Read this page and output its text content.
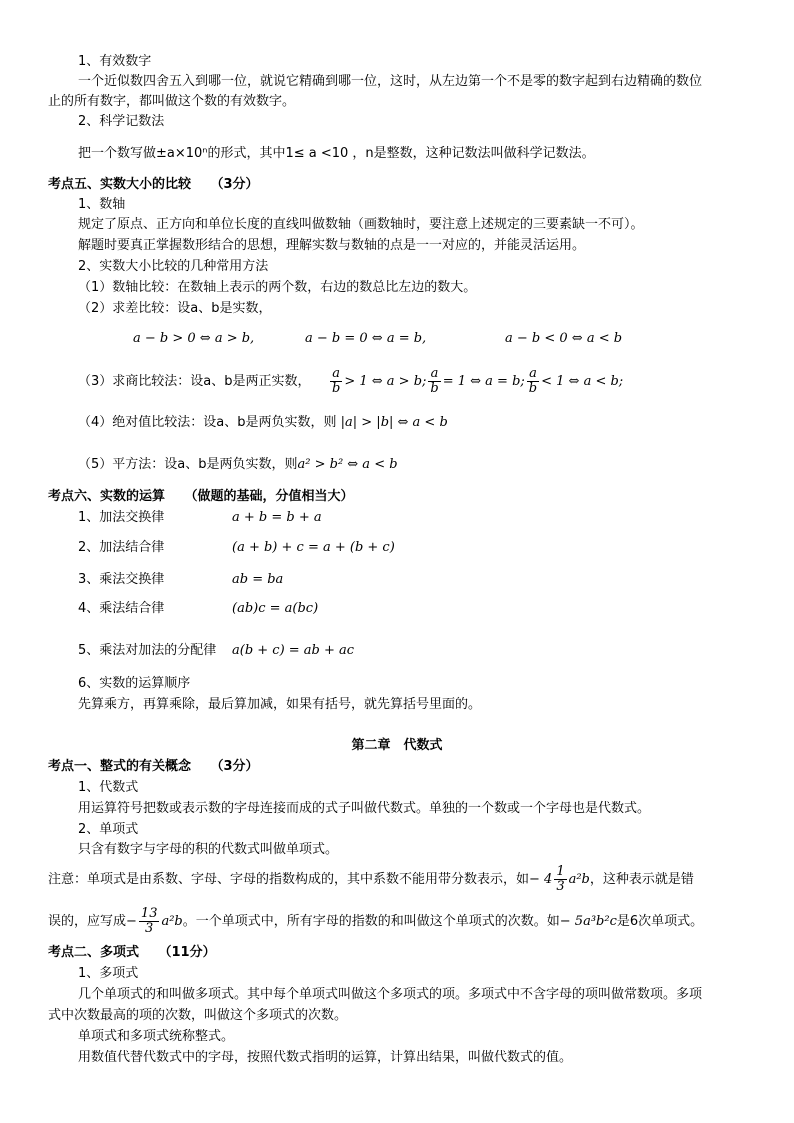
1、有效数字
一个近似数四舍五入到哪一位，就说它精确到哪一位，这时，从左边第一个不是零的数字起到右边精确的数位
止的所有数字，都叫做这个数的有效数字。
2、科学记数法
把一个数写做±a×10ⁿ的形式，其中1≤ a <10 ，n是整数，这种记数法叫做科学记数法。
考点五、实数大小的比较　　（3分）
1、数轴
规定了原点、正方向和单位长度的直线叫做数轴（画数轴时，要注意上述规定的三要素缺一不可）。
解题时要真正掌握数形结合的思想，理解实数与数轴的点是一一对应的，并能灵活运用。
2、实数大小比较的几种常用方法
（1）数轴比较：在数轴上表示的两个数，右边的数总比左边的数大。
（2）求差比较：设a、b是实数，
a − b > 0 ⇔ a > b,	a − b = 0 ⇔ a = b,	a − b < 0 ⇔ a < b
（3）求商比较法：设a、b是两正实数， $\frac{a}{b} > 1$ ⇔ a > b; $\frac{a}{b} = 1$ ⇔ a = b; $\frac{a}{b} < 1$ ⇔ a < b;
（4）绝对值比较法：设a、b是两负实数，则 |a| > |b| ⇔ a < b
（5）平方法：设a、b是两负实数，则a² > b² ⇔ a < b
考点六、实数的运算　　（做题的基础，分值相当大）
1、加法交换律	a + b = b + a
2、加法结合律	(a + b) + c = a + (b + c)
3、乘法交换律	ab = ba
4、乘法结合律	(ab)c = a(bc)
5、乘法对加法的分配律 a(b + c) = ab + ac
6、实数的运算顺序
先算乘方，再算乘除，最后算加减，如果有括号，就先算括号里面的。
第二章　代数式
考点一、整式的有关概念　　（3分）
1、代数式
用运算符号把数或表示数的字母连接而成的式子叫做代数式。单独的一个数或一个字母也是代数式。
2、单项式
只含有数字与字母的积的代数式叫做单项式。
注意：单项式是由系数、字母、字母的指数构成的，其中系数不能用带分数表示，如− $4 \frac{1}{3} a^2b$，这种表示就是错
误的，应写成− $\frac{13}{3} a^2b$。一个单项式中，所有字母的指数的和叫做这个单项式的次数。如− 5a³b²c是6次单项式。
考点二、多项式　　（11分）
1、多项式
几个单项式的和叫做多项式。其中每个单项式叫做这个多项式的项。多项式中不含字母的项叫做常数项。多项
式中次数最高的项的次数，叫做这个多项式的次数。
单项式和多项式统称整式。
用数值代替代数式中的字母，按照代数式指明的运算，计算出结果，叫做代数式的值。
